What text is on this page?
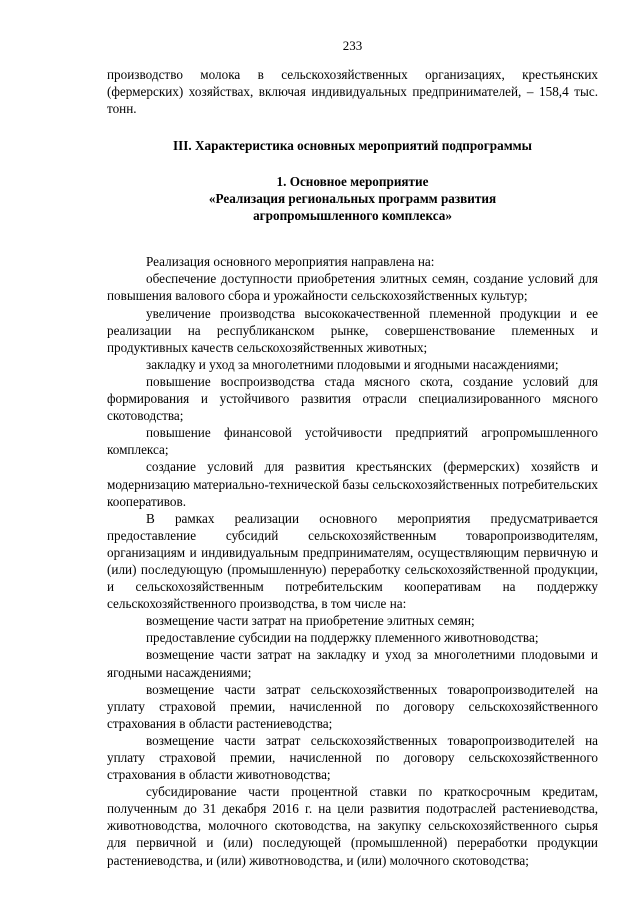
233

производство молока в сельскохозяйственных организациях, крестьянских (фермерских) хозяйствах, включая индивидуальных предпринимателей, – 158,4 тыс. тонн.

III. Характеристика основных мероприятий подпрограммы
1. Основное мероприятие
«Реализация региональных программ развития
агропромышленного комплекса»

Реализация основного мероприятия направлена на:

обеспечение доступности приобретения элитных семян, создание условий для повышения валового сбора и урожайности сельскохозяйственных культур;

увеличение производства высококачественной племенной продукции и ее реализации на республиканском рынке, совершенствование племенных и продуктивных качеств сельскохозяйственных животных;

закладку и уход за многолетними плодовыми и ягодными насаждениями;

повышение воспроизводства стада мясного скота, создание условий для формирования и устойчивого развития отрасли специализированного мясного скотоводства;

повышение финансовой устойчивости предприятий агропромышленного комплекса;

создание условий для развития крестьянских (фермерских) хозяйств и модернизацию материально-технической базы сельскохозяйственных потребительских кооперативов.

В рамках реализации основного мероприятия предусматривается предоставление субсидий сельскохозяйственным товаропроизводителям, организациям и индивидуальным предпринимателям, осуществляющим первичную и (или) последующую (промышленную) переработку сельскохозяйственной продукции, и сельскохозяйственным потребительским кооперативам на поддержку сельскохозяйственного производства, в том числе на:

возмещение части затрат на приобретение элитных семян;

предоставление субсидии на поддержку племенного животноводства;

возмещение части затрат на закладку и уход за многолетними плодовыми и ягодными насаждениями;

возмещение части затрат сельскохозяйственных товаропроизводителей на уплату страховой премии, начисленной по договору сельскохозяйственного страхования в области растениеводства;

возмещение части затрат сельскохозяйственных товаропроизводителей на уплату страховой премии, начисленной по договору сельскохозяйственного страхования в области животноводства;

субсидирование части процентной ставки по краткосрочным кредитам, полученным до 31 декабря 2016 г. на цели развития подотраслей растениеводства, животноводства, молочного скотоводства, на закупку сельскохозяйственного сырья для первичной и (или) последующей (промышленной) переработки продукции растениеводства, и (или) животноводства, и (или) молочного скотоводства;
